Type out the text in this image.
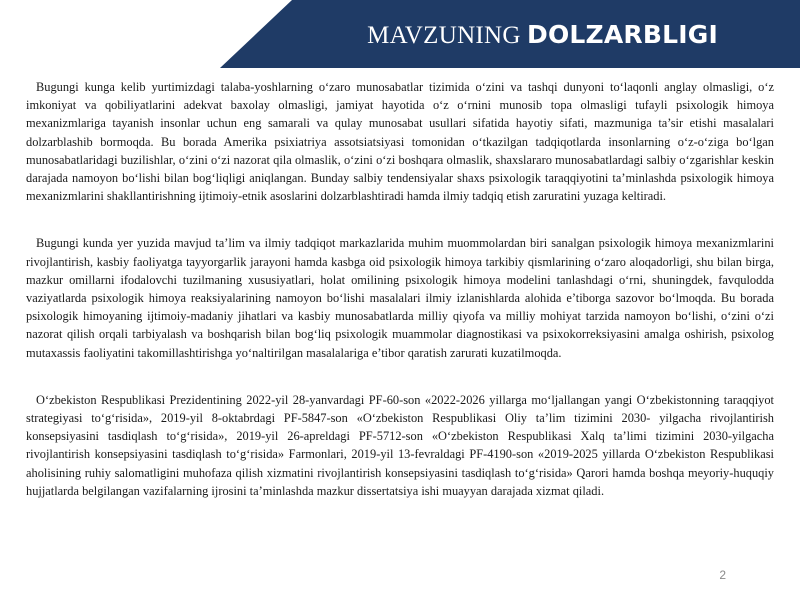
MAVZUNING DOLZARBLIGI

Bugungi kunga kelib yurtimizdagi talaba-yoshlarning o‘zaro munosabatlar tizimida o‘zini va tashqi dunyoni to‘laqonli anglay olmasligi, o‘z imkoniyat va qobiliyatlarini adekvat baxolay olmasligi, jamiyat hayotida o‘z o‘rnini munosib topa olmasligi tufayli psixologik himoya mexanizmlariga tayanish insonlar uchun eng samarali va qulay munosabat usullari sifatida hayotiy sifati, mazmuniga ta’sir etishi masalalari dolzarblashib bormoqda. Bu borada Amerika psixiatriya assotsiatsiyasi tomonidan o‘tkazilgan tadqiqotlarda insonlarning o‘z-o‘ziga bo‘lgan munosabatlaridagi buzilishlar, o‘zini o‘zi nazorat qila olmaslik, o‘zini o‘zi boshqara olmaslik, shaxslararo munosabatlardagi salbiy o‘zgarishlar keskin darajada namoyon bo‘lishi bilan bog‘liqligi aniqlangan. Bunday salbiy tendensiyalar shaxs psixologik taraqqiyotini ta’minlashda psixologik himoya mexanizmlarini shakllantirishning ijtimoiy-etnik asoslarini dolzarblashtiradi hamda ilmiy tadqiq etish zaruratini yuzaga keltiradi.

Bugungi kunda yer yuzida mavjud ta’lim va ilmiy tadqiqot markazlarida muhim muommolardan biri sanalgan psixologik himoya mexanizmlarini rivojlantirish, kasbiy faoliyatga tayyorgarlik jarayoni hamda kasbga oid psixologik himoya tarkibiy qismlarining o‘zaro aloqadorligi, shu bilan birga, mazkur omillarni ifodalovchi tuzilmaning xususiyatlari, holat omilining psixologik himoya modelini tanlashdagi o‘rni, shuningdek, favqulodda vaziyatlarda psixologik himoya reaksiyalarining namoyon bo‘lishi masalalari ilmiy izlanishlarda alohida e’tiborga sazovor bo‘lmoqda. Bu borada psixologik himoyaning ijtimoiy-madaniy jihatlari va kasbiy munosabatlarda milliy qiyofa va milliy mohiyat tarzida namoyon bo‘lishi, o‘zini o‘zi nazorat qilish orqali tarbiyalash va boshqarish bilan bog‘liq psixologik muammolar diagnostikasi va psixokorreksiyasini amalga oshirish, psixolog mutaxassis faoliyatini takomillashtirishga yo‘naltirilgan masalalariga e’tibor qaratish zarurati kuzatilmoqda.

O‘zbekiston Respublikasi Prezidentining 2022-yil 28-yanvardagi PF-60-son «2022-2026 yillarga mo‘ljallangan yangi O‘zbekistonning taraqqiyot strategiyasi to‘g‘risida», 2019-yil 8-oktabrdagi PF-5847-son «O‘zbekiston Respublikasi Oliy ta’lim tizimini 2030- yilgacha rivojlantirish konsepsiyasini tasdiqlash to‘g‘risida», 2019-yil 26-apreldagi PF-5712-son «O‘zbekiston Respublikasi Xalq ta’limi tizimini 2030-yilgacha rivojlantirish konsepsiyasini tasdiqlash to‘g‘risida» Farmonlari, 2019-yil 13-fevraldagi PF-4190-son «2019-2025 yillarda O‘zbekiston Respublikasi aholisining ruhiy salomatligini muhofaza qilish xizmatini rivojlantirish konsepsiyasini tasdiqlash to‘g‘risida» Qarori hamda boshqa meyoriy-huquqiy hujjatlarda belgilangan vazifalarning ijrosini ta’minlashda mazkur dissertatsiya ishi muayyan darajada xizmat qiladi.

2
